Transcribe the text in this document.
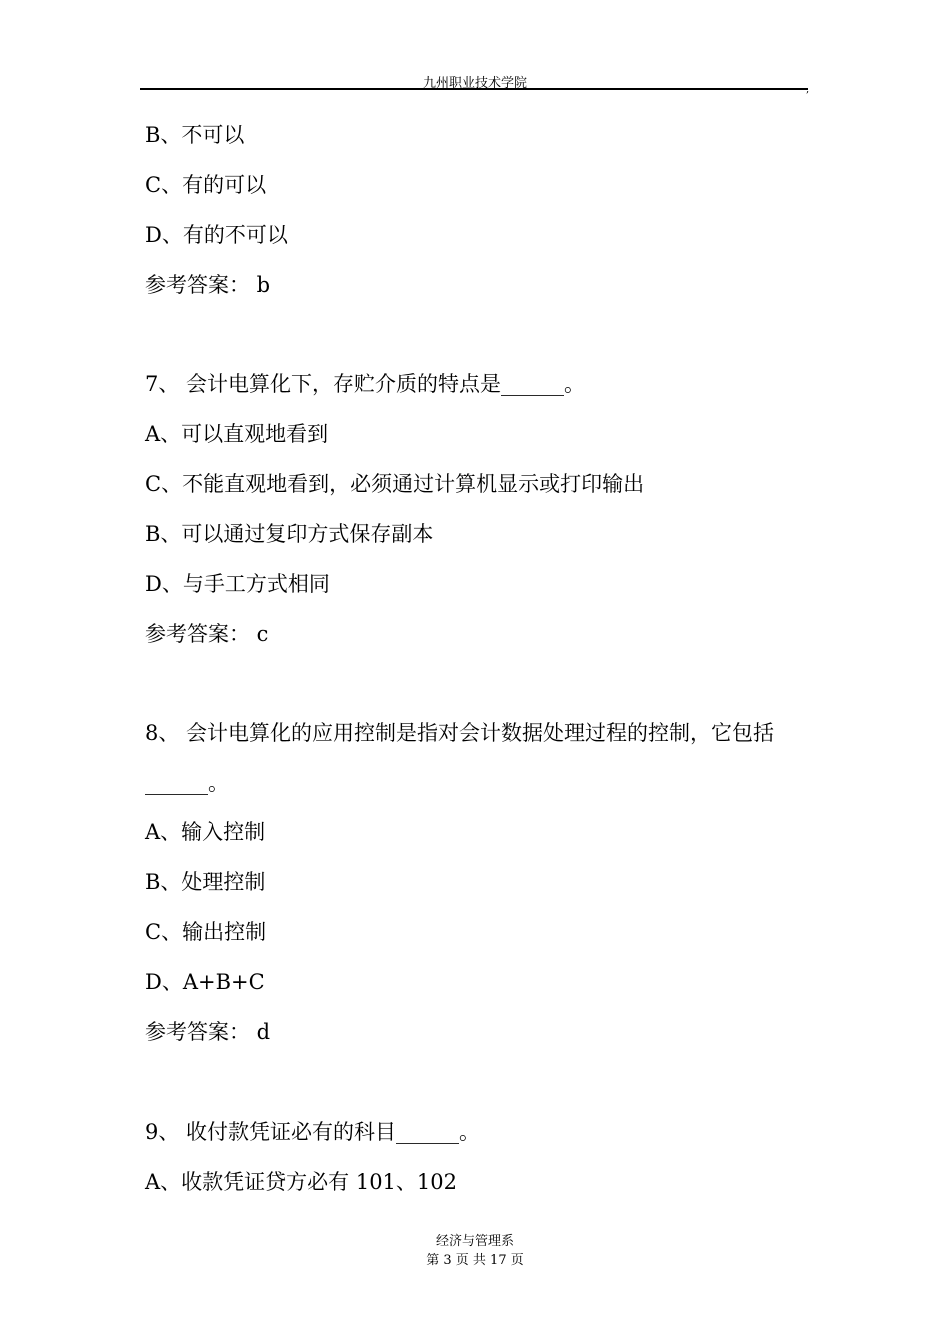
九州职业技术学院	,
B、不可以
C、有的可以
D、有的不可以
参考答案： b
7、 会计电算化下，存贮介质的特点是______。
A、可以直观地看到
C、不能直观地看到，必须通过计算机显示或打印输出
B、可以通过复印方式保存副本
D、与手工方式相同
参考答案： c
8、 会计电算化的应用控制是指对会计数据处理过程的控制，它包括
______。
A、输入控制
B、处理控制
C、输出控制
D、A+B+C
参考答案： d
9、 收付款凭证必有的科目______。
A、收款凭证贷方必有 101、102
经济与管理系
第 3 页 共 17 页
